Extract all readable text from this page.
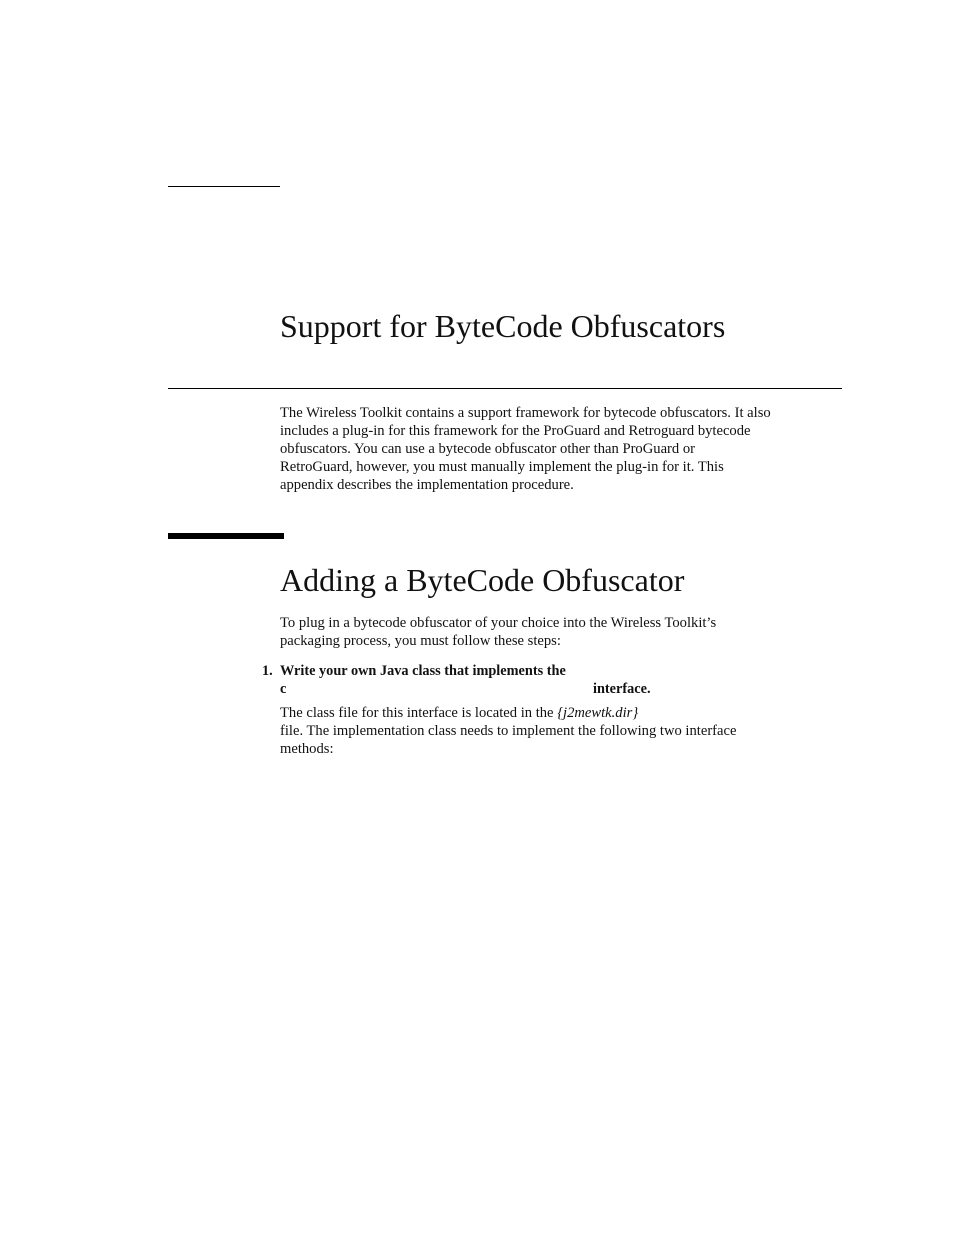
Support for ByteCode Obfuscators

The Wireless Toolkit contains a support framework for bytecode obfuscators. It also
includes a plug-in for this framework for the ProGuard and Retroguard bytecode
obfuscators. You can use a bytecode obfuscator other than ProGuard or
RetroGuard, however, you must manually implement the plug-in for it. This
appendix describes the implementation procedure.

Adding a ByteCode Obfuscator

To plug in a bytecode obfuscator of your choice into the Wireless Toolkit’s
packaging process, you must follow these steps:

1. Write your own Java class that implements the
c	interface.

The class file for this interface is located in the {j2mewtk.dir}
file. The implementation class needs to implement the following two interface
methods:
